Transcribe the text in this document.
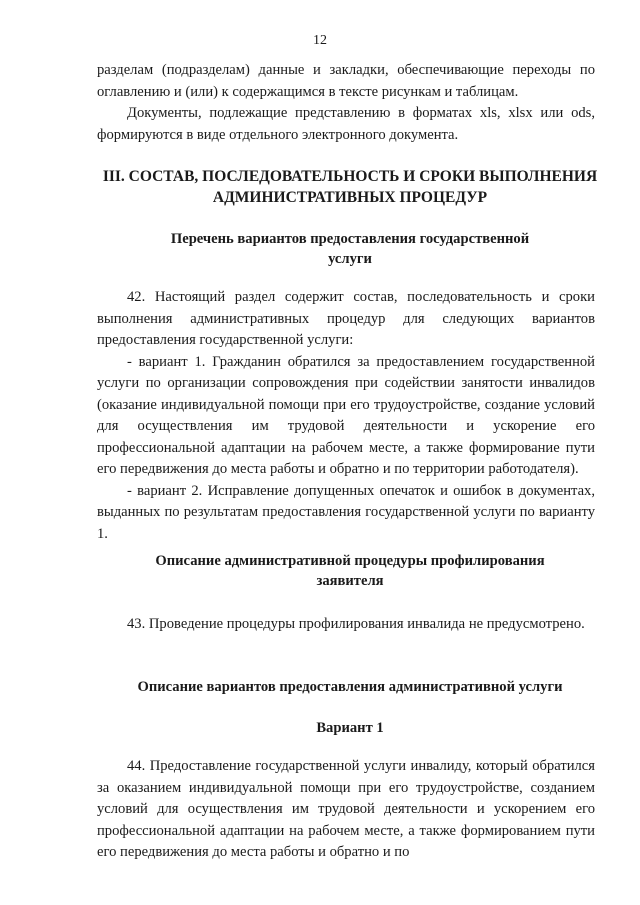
12

разделам (подразделам) данные и закладки, обеспечивающие переходы по оглавлению и (или) к содержащимся в тексте рисункам и таблицам.

Документы, подлежащие представлению в форматах xls, xlsx или ods, формируются в виде отдельного электронного документа.

III. СОСТАВ, ПОСЛЕДОВАТЕЛЬНОСТЬ И СРОКИ ВЫПОЛНЕНИЯ
АДМИНИСТРАТИВНЫХ ПРОЦЕДУР
Перечень вариантов предоставления государственной
услуги

42. Настоящий раздел содержит состав, последовательность и сроки выполнения административных процедур для следующих вариантов предоставления государственной услуги:

- вариант 1. Гражданин обратился за предоставлением государственной услуги по организации сопровождения при содействии занятости инвалидов (оказание индивидуальной помощи при его трудоустройстве, создание условий для осуществления им трудовой деятельности и ускорение его профессиональной адаптации на рабочем месте, а также формирование пути его передвижения до места работы и обратно и по территории работодателя).

- вариант 2. Исправление допущенных опечаток и ошибок в документах, выданных по результатам предоставления государственной услуги по варианту 1.

Описание административной процедуры профилирования
заявителя

43. Проведение процедуры профилирования инвалида не предусмотрено.

Описание вариантов предоставления административной услуги
Вариант 1

44. Предоставление государственной услуги инвалиду, который обратился за оказанием индивидуальной помощи при его трудоустройстве, созданием условий для осуществления им трудовой деятельности и ускорением его профессиональной адаптации на рабочем месте, а также формированием пути его передвижения до места работы и обратно и по
